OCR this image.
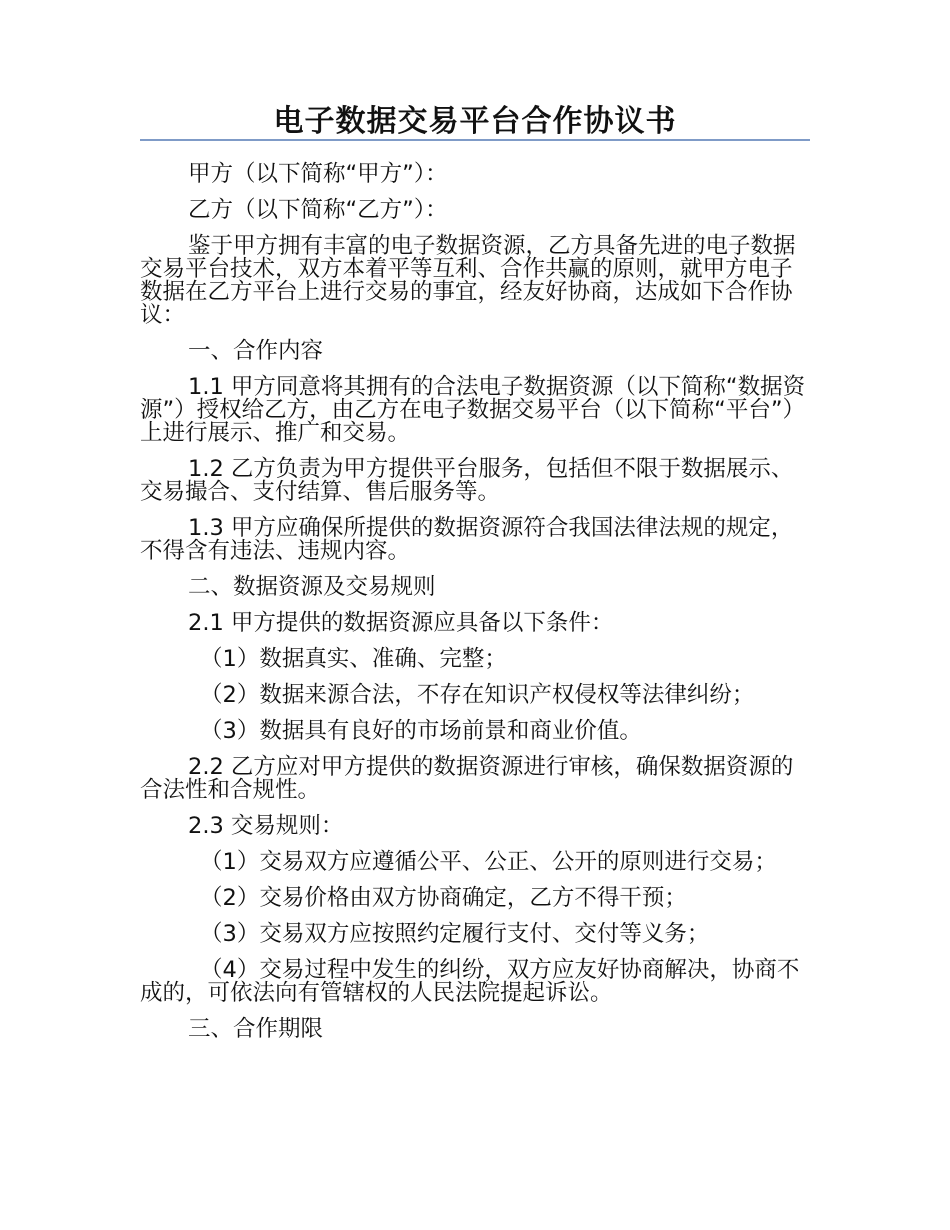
电子数据交易平台合作协议书

甲方（以下简称“甲方”）：

乙方（以下简称“乙方”）：

鉴于甲方拥有丰富的电子数据资源，乙方具备先进的电子数据交易平台技术，双方本着平等互利、合作共赢的原则，就甲方电子数据在乙方平台上进行交易的事宜，经友好协商，达成如下合作协议：

一、合作内容

1.1 甲方同意将其拥有的合法电子数据资源（以下简称“数据资源”）授权给乙方，由乙方在电子数据交易平台（以下简称“平台”）上进行展示、推广和交易。

1.2 乙方负责为甲方提供平台服务，包括但不限于数据展示、交易撮合、支付结算、售后服务等。

1.3 甲方应确保所提供的数据资源符合我国法律法规的规定，不得含有违法、违规内容。

二、数据资源及交易规则

2.1 甲方提供的数据资源应具备以下条件：

（1）数据真实、准确、完整；

（2）数据来源合法，不存在知识产权侵权等法律纠纷；

（3）数据具有良好的市场前景和商业价值。

2.2 乙方应对甲方提供的数据资源进行审核，确保数据资源的合法性和合规性。

2.3 交易规则：

（1）交易双方应遵循公平、公正、公开的原则进行交易；

（2）交易价格由双方协商确定，乙方不得干预；

（3）交易双方应按照约定履行支付、交付等义务；

（4）交易过程中发生的纠纷，双方应友好协商解决，协商不成的，可依法向有管辖权的人民法院提起诉讼。

三、合作期限
